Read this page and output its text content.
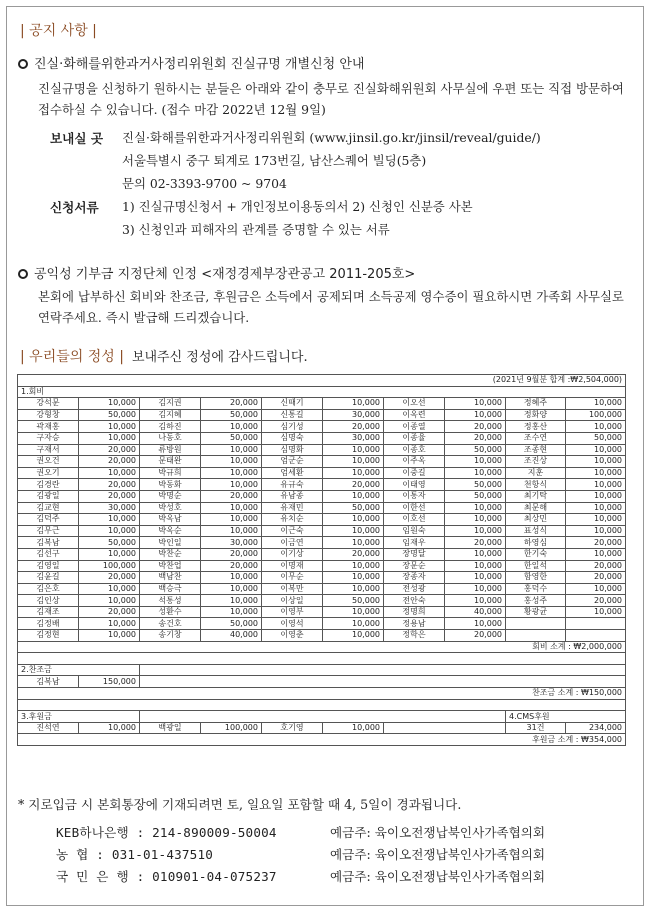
| 공지 사항 |
진실·화해를위한과거사정리위원회 진실규명 개별신청 안내
진실규명을 신청하기 원하시는 분들은 아래와 같이 충무로 진실화해위원회 사무실에 우편 또는 직접 방문하여 접수하실 수 있습니다. (접수 마감 2022년 12월 9일)
보내실 곳 진실·화해를위한과거사정리위원회 (www.jinsil.go.kr/jinsil/reveal/guide/)
서울특별시 중구 퇴계로 173번길, 남산스퀘어 빌딩(5층)
문의 02-3393-9700 ~ 9704
신청서류 1) 진실규명신청서 + 개인정보이용동의서 2) 신청인 신분증 사본
3) 신청인과 피해자의 관계를 증명할 수 있는 서류
공익성 기부금 지정단체 인정 <재정경제부장관공고 2011-205호>
본회에 납부하신 회비와 찬조금, 후원금은 소득에서 공제되며 소득공제 영수증이 필요하시면 가족회 사무실로 연락주세요. 즉시 발급해 드리겠습니다.
| 우리들의 정성 | 보내주신 정성에 감사드립니다.
(2021년 9월분 합계 :₩2,504,000)									
1.회비									
강석문	10,000	김지권	20,000	신때기	10,000	이오선	10,000	정혜주	10,000
강형창	50,000	김지혜	50,000	신통길	30,000	이옥련	10,000	정화양	100,000
곽재홍	10,000	김하진	10,000	심기성	20,000	이종열	20,000	정홍산	10,000
구자승	10,000	나동호	50,000	심명숙	30,000	이종율	20,000	조수연	50,000
구재서	20,000	류방원	10,000	심명화	10,000	이종호	50,000	조종현	10,000
권오건	20,000	문태완	10,000	엄군순	10,000	이주옥	10,000	조진상	10,000
권오기	10,000	박규희	10,000	엄세환	10,000	이중길	10,000	지훈	10,000
김경란	20,000	박동화	10,000	유규숙	20,000	이태영	50,000	천항식	10,000
김광일	20,000	박명순	20,000	유남종	10,000	이통자	50,000	최기탁	10,000
김교현	30,000	박성호	10,000	유재민	50,000	이한선	10,000	최문해	10,000
김덕주	10,000	박옥남	10,000	유치순	10,000	이호선	10,000	최상민	10,000
김무근	10,000	박옥순	10,000	이근숙	10,000	임원숙	10,000	표성식	10,000
김복남	50,000	박인일	30,000	이금연	10,000	임재우	20,000	하영심	20,000
김선구	10,000	박찬순	20,000	이기상	20,000	장명달	10,000	한기숙	10,000
김영일	100,000	박찬업	20,000	이명재	10,000	장문순	10,000	한일석	20,000
김윤길	20,000	백남찬	10,000	이무순	10,000	장종자	10,000	함영한	20,000
김은호	10,000	백승극	10,000	이복만	10,000	전성광	10,000	홍덕수	10,000
김인상	10,000	석통성	10,000	이상일	50,000	전안숙	10,000	홍성주	20,000
김재조	20,000	성환수	10,000	이영부	10,000	정명희	40,000	황광균	10,000
김정배	10,000	송건호	50,000	이영석	10,000	정용남	10,000		
김정현	10,000	송기창	40,000	이영춘	10,000	정학은	20,000		
회비 소계 : ₩2,000,000									

2.찬조금									
김복남	150,000								
찬조금 소계 : ₩150,000									

3.후원금								4.CMS후원	
진석연	10,000	백광일	100,000	호기영	10,000			31건	234,000
후원금 소계 : ₩354,000									
* 지로입금 시 본회통장에 기재되려면 토, 일요일 포함할 때 4, 5일이 경과됩니다.
KEB하나은행 : 214-890009-50004	예금주: 육이오전쟁납북인사가족협의회
농 협 : 031-01-437510	예금주: 육이오전쟁납북인사가족협의회
국 민 은 행 : 010901-04-075237	예금주: 육이오전쟁납북인사가족협의회
